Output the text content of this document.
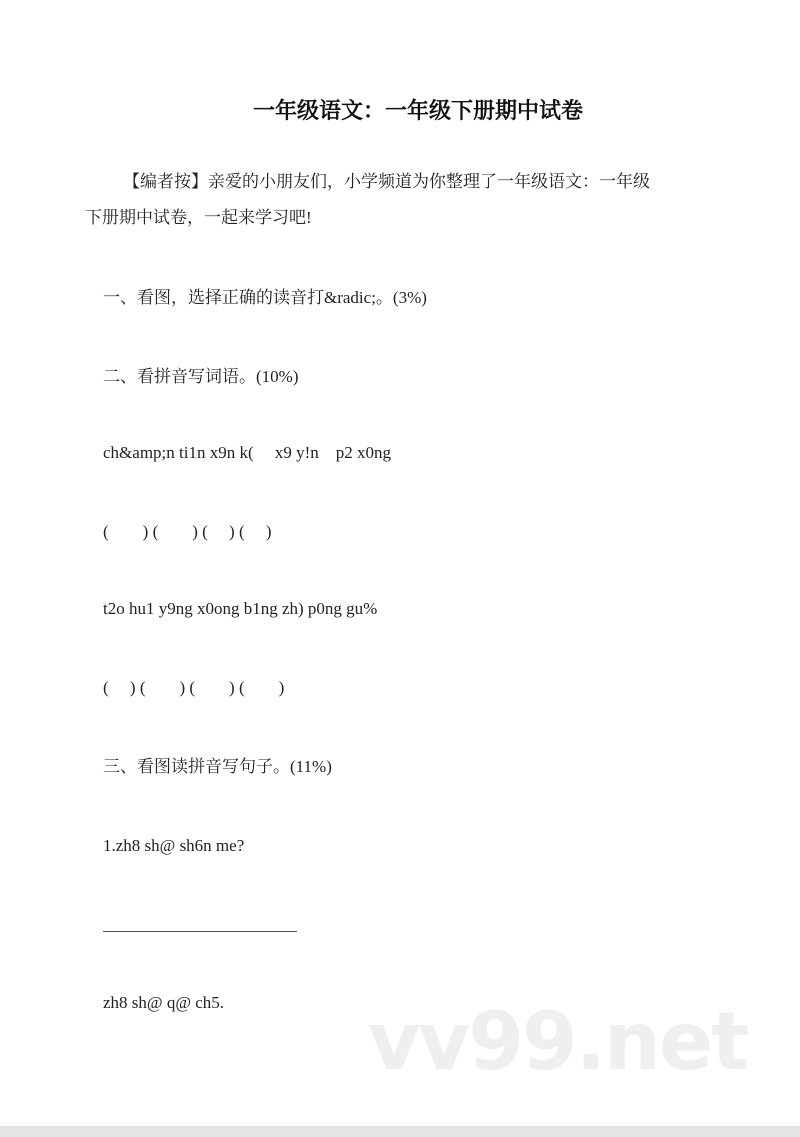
一年级语文：一年级下册期中试卷
【编者按】亲爱的小朋友们，小学频道为你整理了一年级语文：一年级
下册期中试卷，一起来学习吧!
一、看图，选择正确的读音打&radic;。(3%)
二、看拼音写词语。(10%)
ch&amp;n ti1n x9n k(     x9 y!n    p2 x0ng
(        ) (        ) (     ) (     )
t2o hu1 y9ng x0ong b1ng zh) p0ng gu%
(     ) (        ) (        ) (        )
三、看图读拼音写句子。(11%)
1.zh8 sh@ sh6n me?
zh8 sh@ q@ ch5. vv99.net
